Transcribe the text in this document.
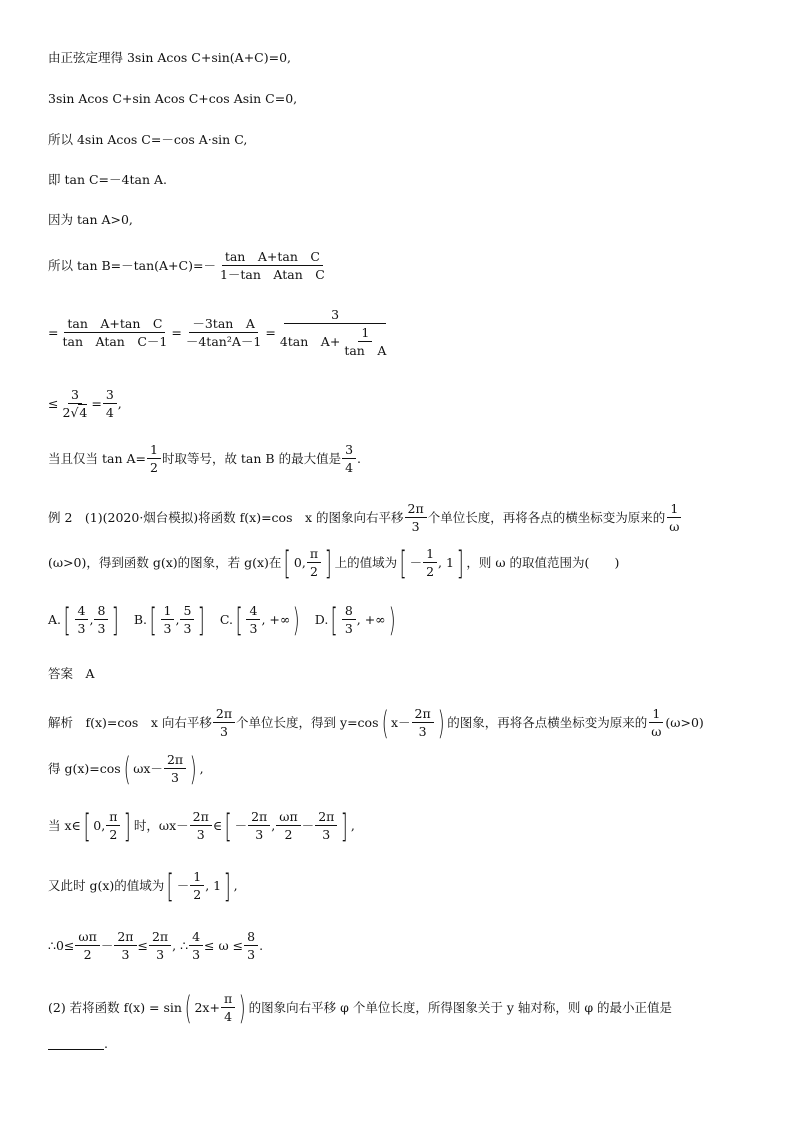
由正弦定理得 3sin Acos C+sin(A+C)=0,
3sin Acos C+sin Acos C+cos Asin C=0,
所以 4sin Acos C=－cos A·sin C,
即 tan C=－4tan A.
因为 tan A>0,
所以 $\tan B=-\tan(A+C)=- \frac{\text{tan　A+tan　C}}{\text{1－tan　Atan　C}}$
= $\frac{\text{tan　A+tan　C}}{\text{tan　Atan　C－1}} = \frac{\text{－3tan　A}}{\text{－4tan²A－1}} = \frac{3}{4\tan A+ \frac{1}{\text{tan　A}}}$
≤ $\frac{3}{2√4} = \frac{3}{4}$ ,
当且仅当 $\tan A= \frac{1}{2}$ 时取等号，故 tan B 的最大值是 $\frac{3}{4}$ .
例 2　(1)(2020·烟台模拟)将函数 f(x)=cos　x 的图象向右平移 $\frac{2\pi}{3}$ 个单位长度，再将各点的横坐标变为原来的 $\frac{1}{\omega}$
(ω>0)，得到函数 g(x)的图象，若 g(x)在 [ 0, $\frac{\pi}{2}$ ] 上的值域为 [ － $\frac{1}{2}$ , 1 ] ，则 ω 的取值范围为(　　)
A. [ $\frac{4}{3}$ , $\frac{8}{3}$ ] B. [ $\frac{1}{3}$ , $\frac{5}{3}$ ] C. [ $\frac{4}{3}$ , +∞ ) D. [ $\frac{8}{3}$ , +∞ )
答案　A
解析　f(x)=cos　x 向右平移 $\frac{2\pi}{3}$ 个单位长度，得到 y=cos ( $x- \frac{2\pi}{3}$ ) 的图象，再将各点横坐标变为原来的 $\frac{1}{\omega} (\omega>0)$
得 g(x)=cos ( $\omega x- \frac{2\pi}{3}$ ) ,
当 x∈ [ 0, $\frac{\pi}{2}$ ] 时，$\omega x- \frac{2\pi}{3}$ ∈ [ － $\frac{2\pi}{3}$ , $\frac{\omega\pi}{2} - \frac{2\pi}{3}$ ] ,
又此时 g(x)的值域为 [ － $\frac{1}{2}$ , 1 ] ,
∴0≤ $\frac{\omega\pi}{2} - \frac{2\pi}{3} \le \frac{2\pi}{3}$ , ∴ $\frac{4}{3} \le \omega \le \frac{8}{3}$ .
(2) 若将函数 f(x) = sin ( $2x+ \frac{\pi}{4}$ ) 的图象向右平移 φ 个单位长度，所得图象关于 y 轴对称，则 φ 的最小正值是
.
